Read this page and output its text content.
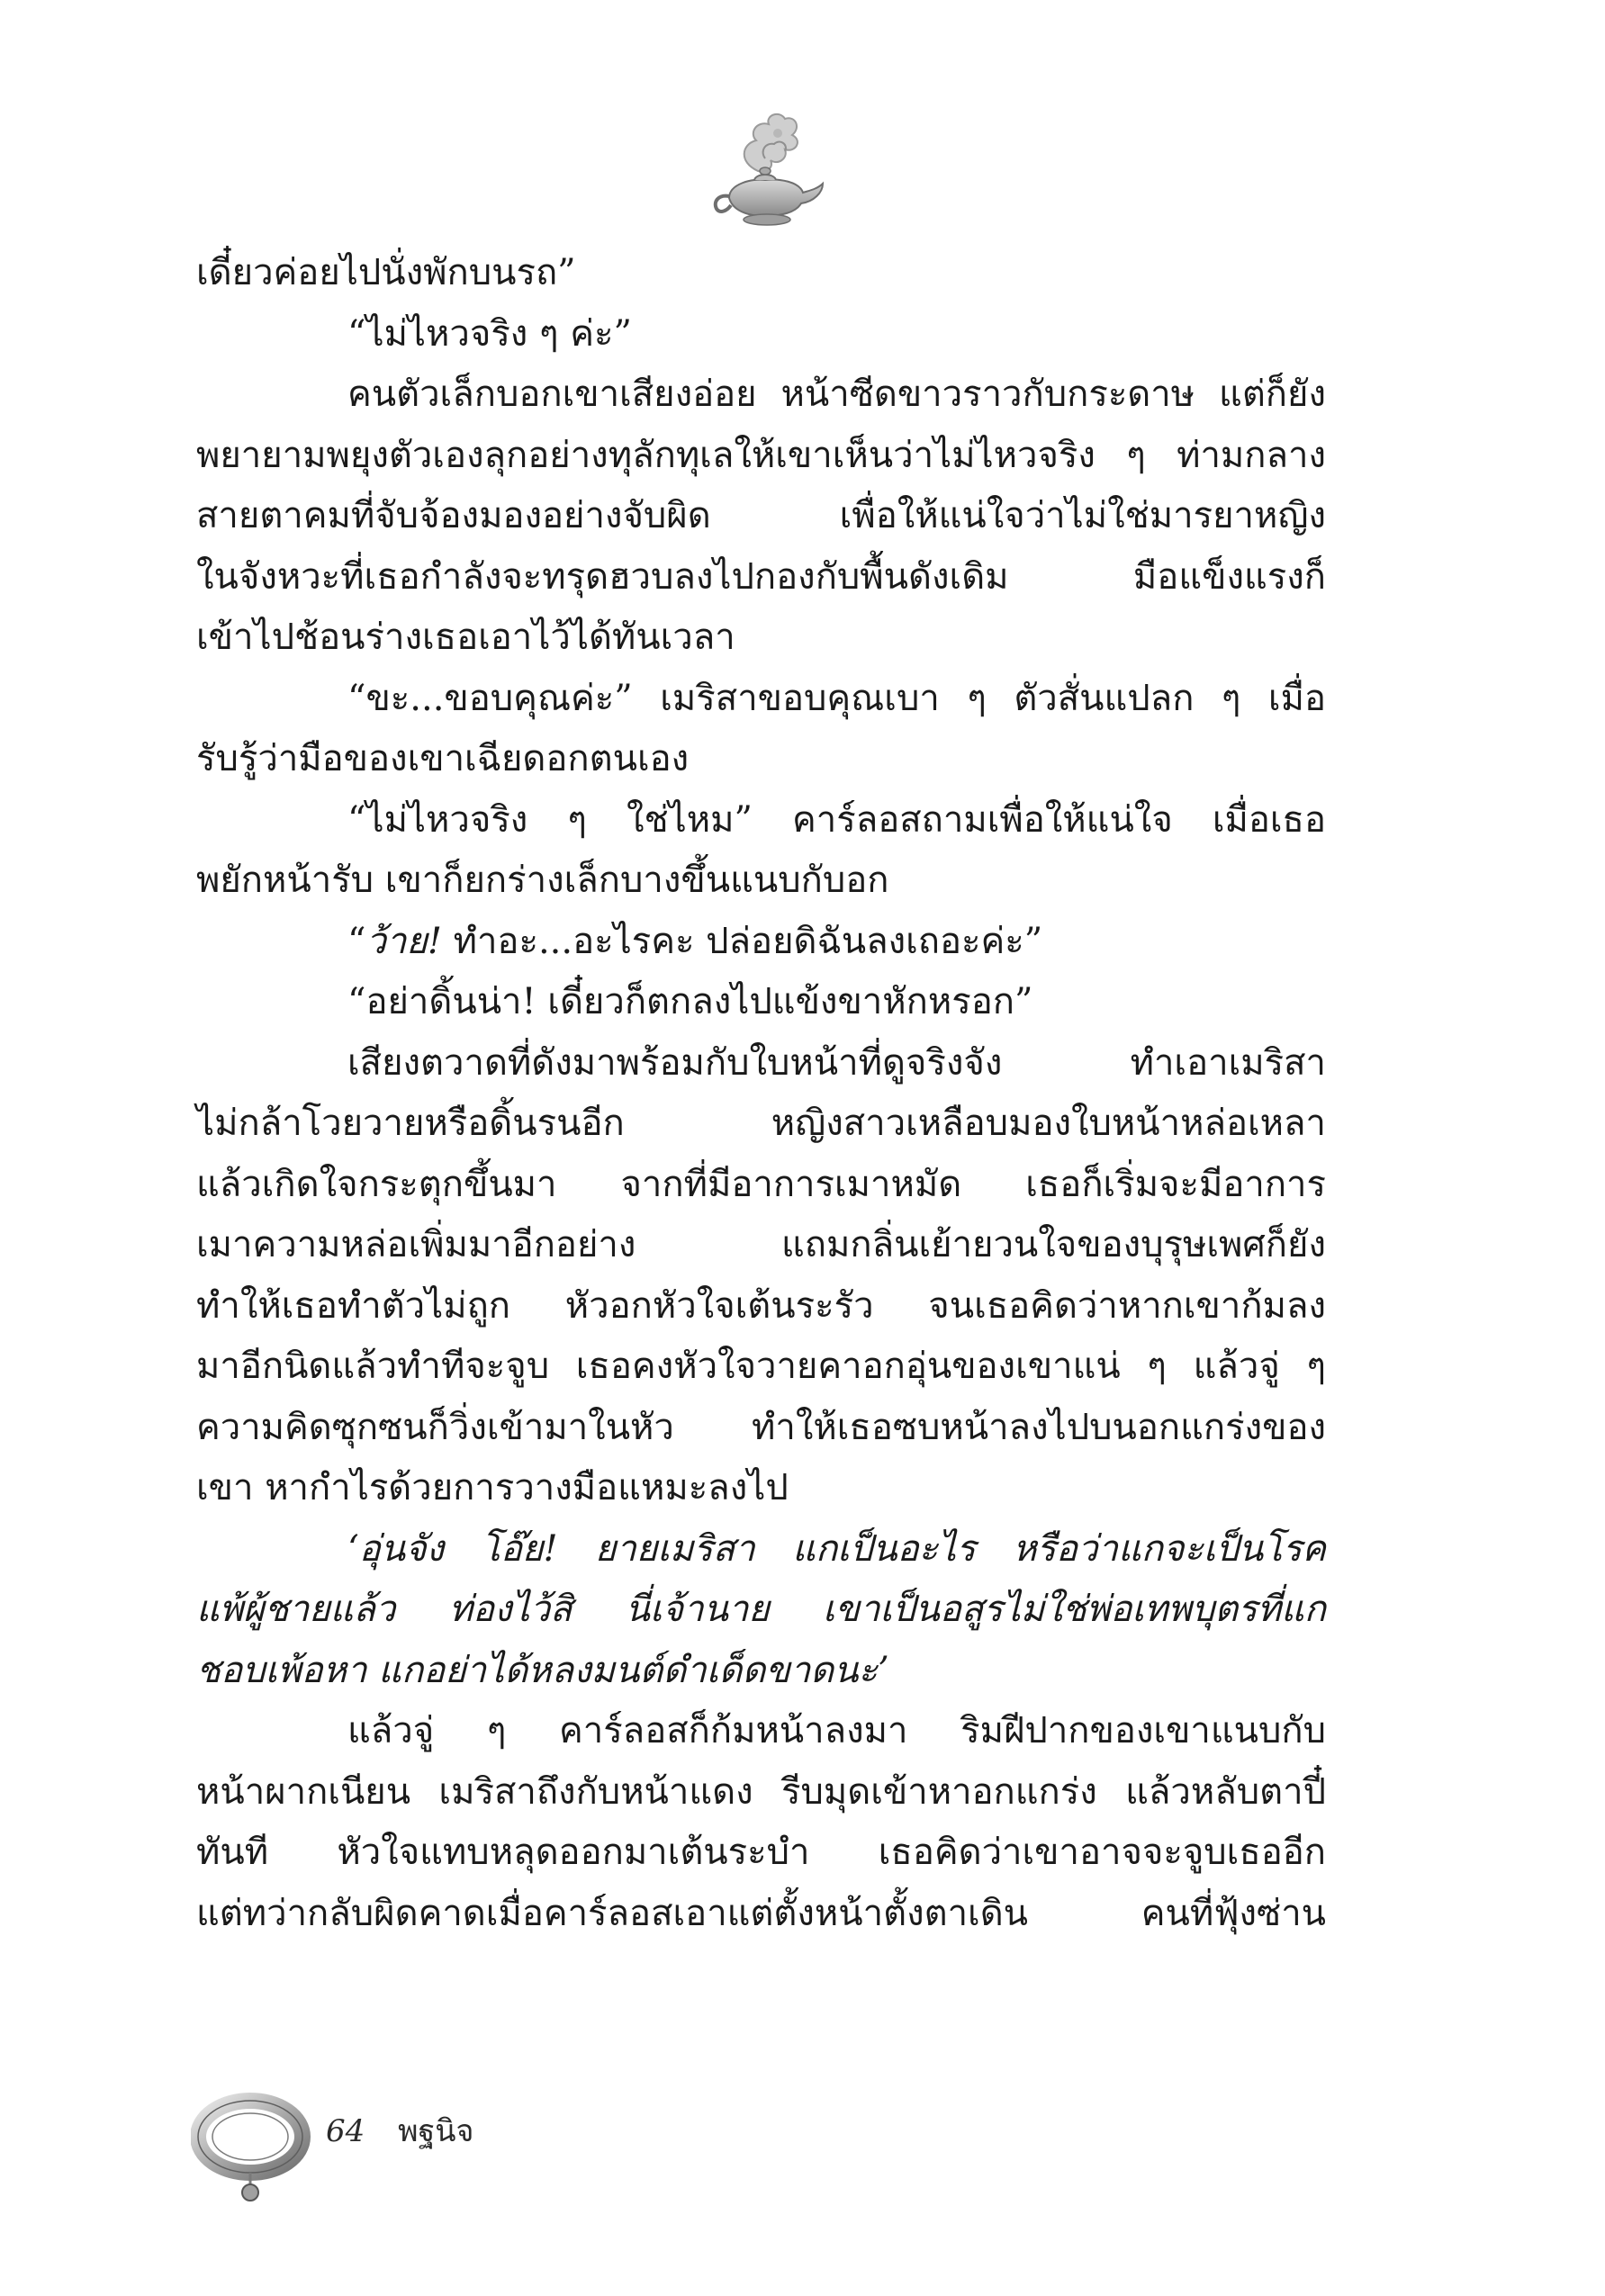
เดี๋ยวค่อยไปนั่งพักบนรถ”
“ไม่ไหวจริง ๆ ค่ะ”
คนตัวเล็กบอกเขาเสียงอ่อย หน้าซีดขาวราวกับกระดาษ แต่ก็ยัง
พยายามพยุงตัวเองลุกอย่างทุลักทุเลให้เขาเห็นว่าไม่ไหวจริง ๆ ท่ามกลาง
สายตาคมที่จับจ้องมองอย่างจับผิด เพื่อให้แน่ใจว่าไม่ใช่มารยาหญิง
ในจังหวะที่เธอกำลังจะทรุดฮวบลงไปกองกับพื้นดังเดิม มือแข็งแรงก็
เข้าไปช้อนร่างเธอเอาไว้ได้ทันเวลา
“ขะ...ขอบคุณค่ะ” เมริสาขอบคุณเบา ๆ ตัวสั่นแปลก ๆ เมื่อ
รับรู้ว่ามือของเขาเฉียดอกตนเอง
“ไม่ไหวจริง ๆ ใช่ไหม” คาร์ลอสถามเพื่อให้แน่ใจ เมื่อเธอ
พยักหน้ารับ เขาก็ยกร่างเล็กบางขึ้นแนบกับอก
“ว้าย! ทำอะ...อะไรคะ ปล่อยดิฉันลงเถอะค่ะ”
“อย่าดิ้นน่า! เดี๋ยวก็ตกลงไปแข้งขาหักหรอก”
เสียงตวาดที่ดังมาพร้อมกับใบหน้าที่ดูจริงจัง ทำเอาเมริสา
ไม่กล้าโวยวายหรือดิ้นรนอีก หญิงสาวเหลือบมองใบหน้าหล่อเหลา
แล้วเกิดใจกระตุกขึ้นมา จากที่มีอาการเมาหมัด เธอก็เริ่มจะมีอาการ
เมาความหล่อเพิ่มมาอีกอย่าง แถมกลิ่นเย้ายวนใจของบุรุษเพศก็ยัง
ทำให้เธอทำตัวไม่ถูก หัวอกหัวใจเต้นระรัว จนเธอคิดว่าหากเขาก้มลง
มาอีกนิดแล้วทำทีจะจูบ เธอคงหัวใจวายคาอกอุ่นของเขาแน่ ๆ แล้วจู่ ๆ
ความคิดซุกซนก็วิ่งเข้ามาในหัว ทำให้เธอซบหน้าลงไปบนอกแกร่งของ
เขา หากำไรด้วยการวางมือแหมะลงไป
‘อุ่นจัง โอ๊ย! ยายเมริสา แกเป็นอะไร หรือว่าแกจะเป็นโรค
แพ้ผู้ชายแล้ว ท่องไว้สิ นี่เจ้านาย เขาเป็นอสูรไม่ใช่พ่อเทพบุตรที่แก
ชอบเพ้อหา แกอย่าได้หลงมนต์ดำเด็ดขาดนะ’
แล้วจู่ ๆ คาร์ลอสก็ก้มหน้าลงมา ริมฝีปากของเขาแนบกับ
หน้าผากเนียน เมริสาถึงกับหน้าแดง รีบมุดเข้าหาอกแกร่ง แล้วหลับตาปี๋
ทันที หัวใจแทบหลุดออกมาเต้นระบำ เธอคิดว่าเขาอาจจะจูบเธออีก
แต่ทว่ากลับผิดคาดเมื่อคาร์ลอสเอาแต่ตั้งหน้าตั้งตาเดิน คนที่ฟุ้งซ่าน
64 พฐนิจ
